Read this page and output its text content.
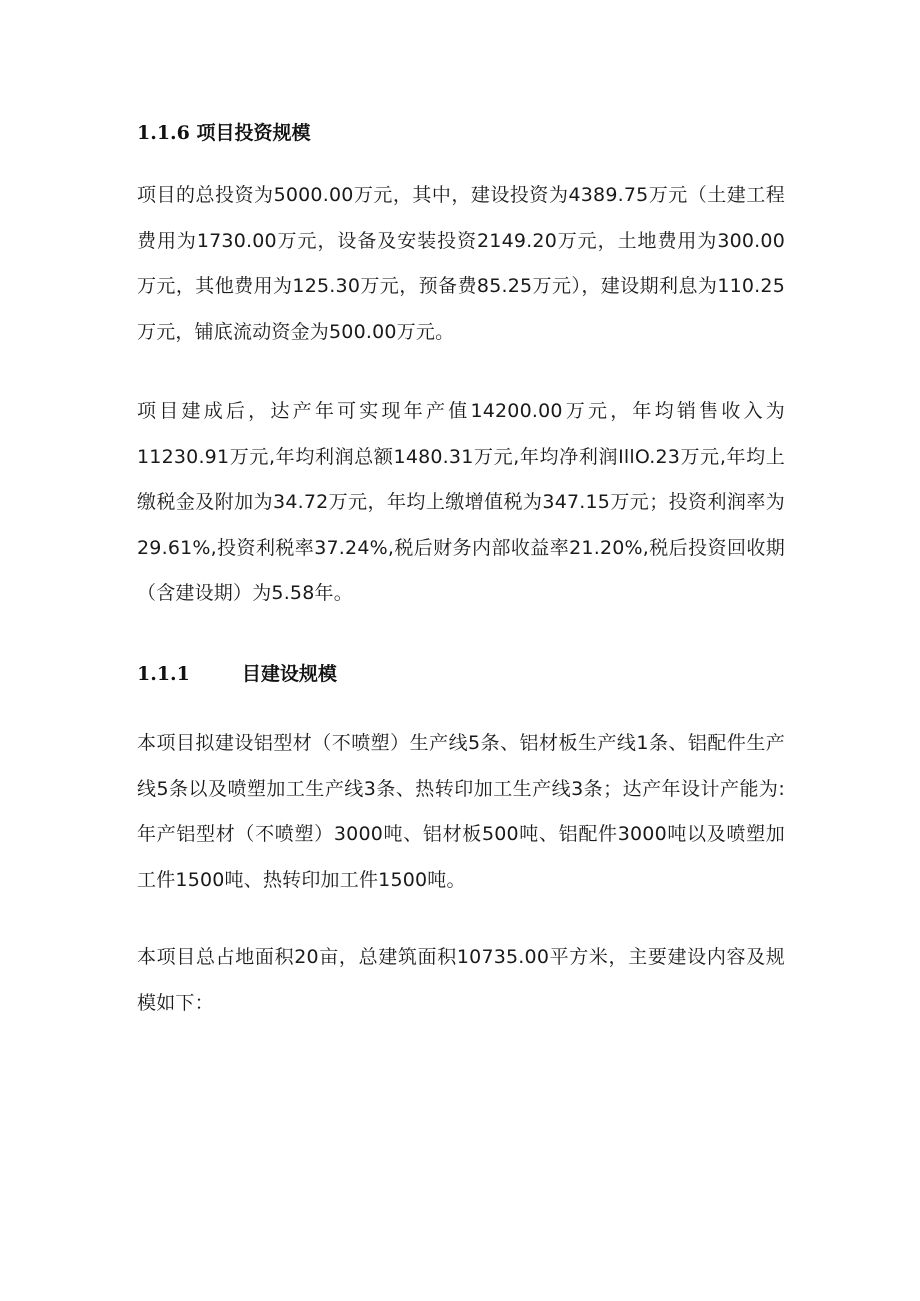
1.1.6 项目投资规模

项目的总投资为5000.00万元，其中，建设投资为4389.75万元（土建工程费用为1730.00万元，设备及安装投资2149.20万元，土地费用为300.00万元，其他费用为125.30万元，预备费85.25万元），建设期利息为110.25万元，铺底流动资金为500.00万元。

项目建成后，达产年可实现年产值14200.00万元，年均销售收入为11230.91万元,年均利润总额1480.31万元,年均净利润IllO.23万元,年均上缴税金及附加为34.72万元，年均上缴增值税为347.15万元；投资利润率为29.61%,投资利税率37.24%,税后财务内部收益率21.20%,税后投资回收期（含建设期）为5.58年。

1.1.1	目建设规模

本项目拟建设铝型材（不喷塑）生产线5条、铝材板生产线1条、铝配件生产线5条以及喷塑加工生产线3条、热转印加工生产线3条；达产年设计产能为:年产铝型材（不喷塑）3000吨、铝材板500吨、铝配件3000吨以及喷塑加工件1500吨、热转印加工件1500吨。

本项目总占地面积20亩，总建筑面积10735.00平方米，主要建设内容及规模如下：
